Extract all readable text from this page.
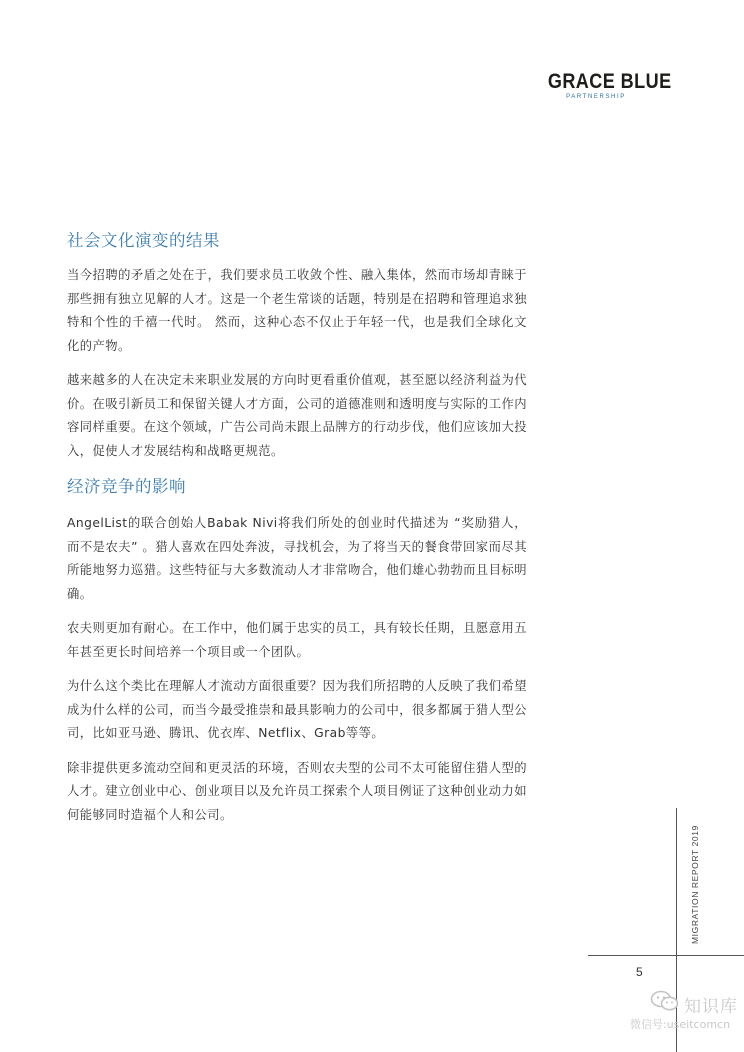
GRACE BLUE
PARTNERSHIP
社会文化演变的结果

当今招聘的矛盾之处在于，我们要求员工收敛个性、融入集体，然而市场却青睐于那些拥有独立见解的人才。这是一个老生常谈的话题，特别是在招聘和管理追求独特和个性的千禧一代时。 然而，这种心态不仅止于年轻一代，也是我们全球化文化的产物。

越来越多的人在决定未来职业发展的方向时更看重价值观，甚至愿以经济利益为代价。在吸引新员工和保留关键人才方面，公司的道德准则和透明度与实际的工作内容同样重要。在这个领域，广告公司尚未跟上品牌方的行动步伐，他们应该加大投入，促使人才发展结构和战略更规范。

经济竞争的影响

AngelList的联合创始人Babak Nivi将我们所处的创业时代描述为 “奖励猎人，而不是农夫” 。猎人喜欢在四处奔波，寻找机会，为了将当天的餐食带回家而尽其所能地努力巡猎。这些特征与大多数流动人才非常吻合，他们雄心勃勃而且目标明确。

农夫则更加有耐心。在工作中，他们属于忠实的员工，具有较长任期，且愿意用五年甚至更长时间培养一个项目或一个团队。

为什么这个类比在理解人才流动方面很重要？因为我们所招聘的人反映了我们希望成为什么样的公司，而当今最受推崇和最具影响力的公司中，很多都属于猎人型公司，比如亚马逊、腾讯、优衣库、Netflix、Grab等等。

除非提供更多流动空间和更灵活的环境，否则农夫型的公司不太可能留住猎人型的人才。建立创业中心、创业项目以及允许员工探索个人项目例证了这种创业动力如何能够同时造福个人和公司。

MIGRATION REPORT 2019
5
知识库
微信号:useitcomcn
